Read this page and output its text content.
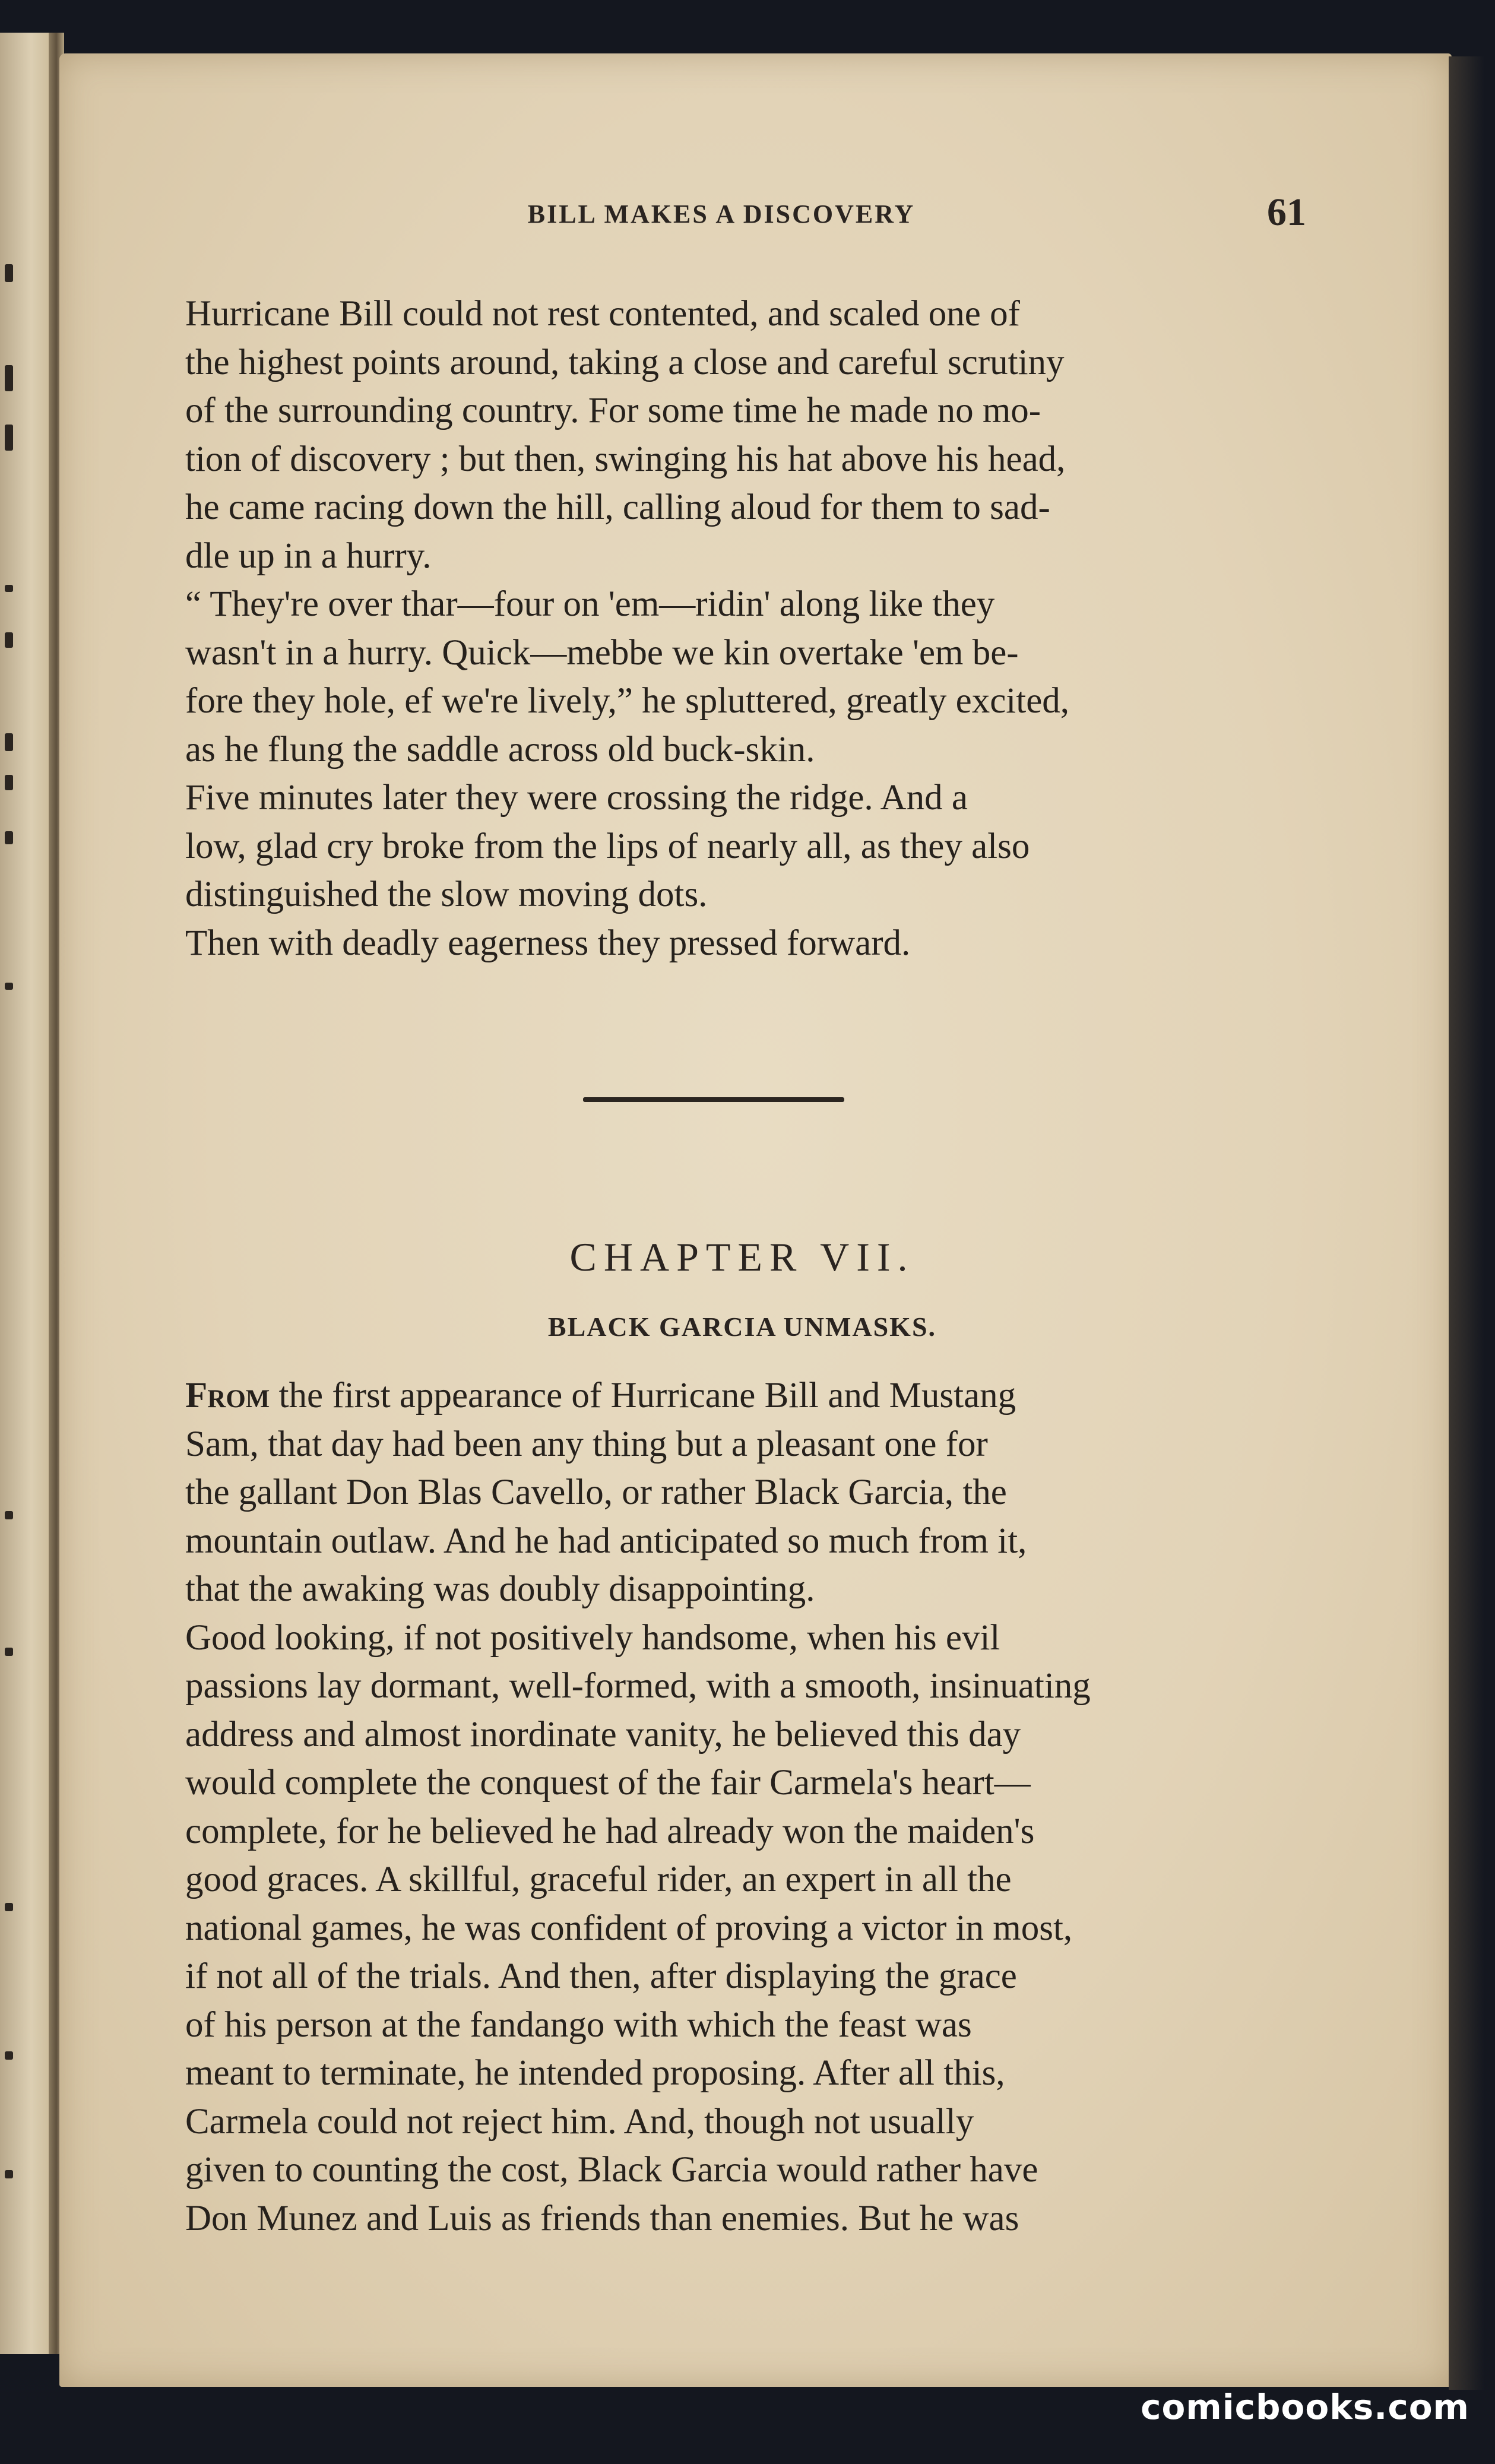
BILL MAKES A DISCOVERY	61
Hurricane Bill could not rest contented, and scaled one of
the highest points around, taking a close and careful scrutiny
of the surrounding country. For some time he made no mo-
tion of discovery ; but then, swinging his hat above his head,
he came racing down the hill, calling aloud for them to sad-
dle up in a hurry.
“ They're over thar—four on 'em—ridin' along like they
wasn't in a hurry. Quick—mebbe we kin overtake 'em be-
fore they hole, ef we're lively,” he spluttered, greatly excited,
as he flung the saddle across old buck-skin.
Five minutes later they were crossing the ridge. And a
low, glad cry broke from the lips of nearly all, as they also
distinguished the slow moving dots.
Then with deadly eagerness they pressed forward.
CHAPTER VII.
BLACK GARCIA UNMASKS.
From the first appearance of Hurricane Bill and Mustang
Sam, that day had been any thing but a pleasant one for
the gallant Don Blas Cavello, or rather Black Garcia, the
mountain outlaw. And he had anticipated so much from it,
that the awaking was doubly disappointing.
Good looking, if not positively handsome, when his evil
passions lay dormant, well-formed, with a smooth, insinuating
address and almost inordinate vanity, he believed this day
would complete the conquest of the fair Carmela's heart—
complete, for he believed he had already won the maiden's
good graces. A skillful, graceful rider, an expert in all the
national games, he was confident of proving a victor in most,
if not all of the trials. And then, after displaying the grace
of his person at the fandango with which the feast was
meant to terminate, he intended proposing. After all this,
Carmela could not reject him. And, though not usually
given to counting the cost, Black Garcia would rather have
Don Munez and Luis as friends than enemies. But he was
comicbooks.com
